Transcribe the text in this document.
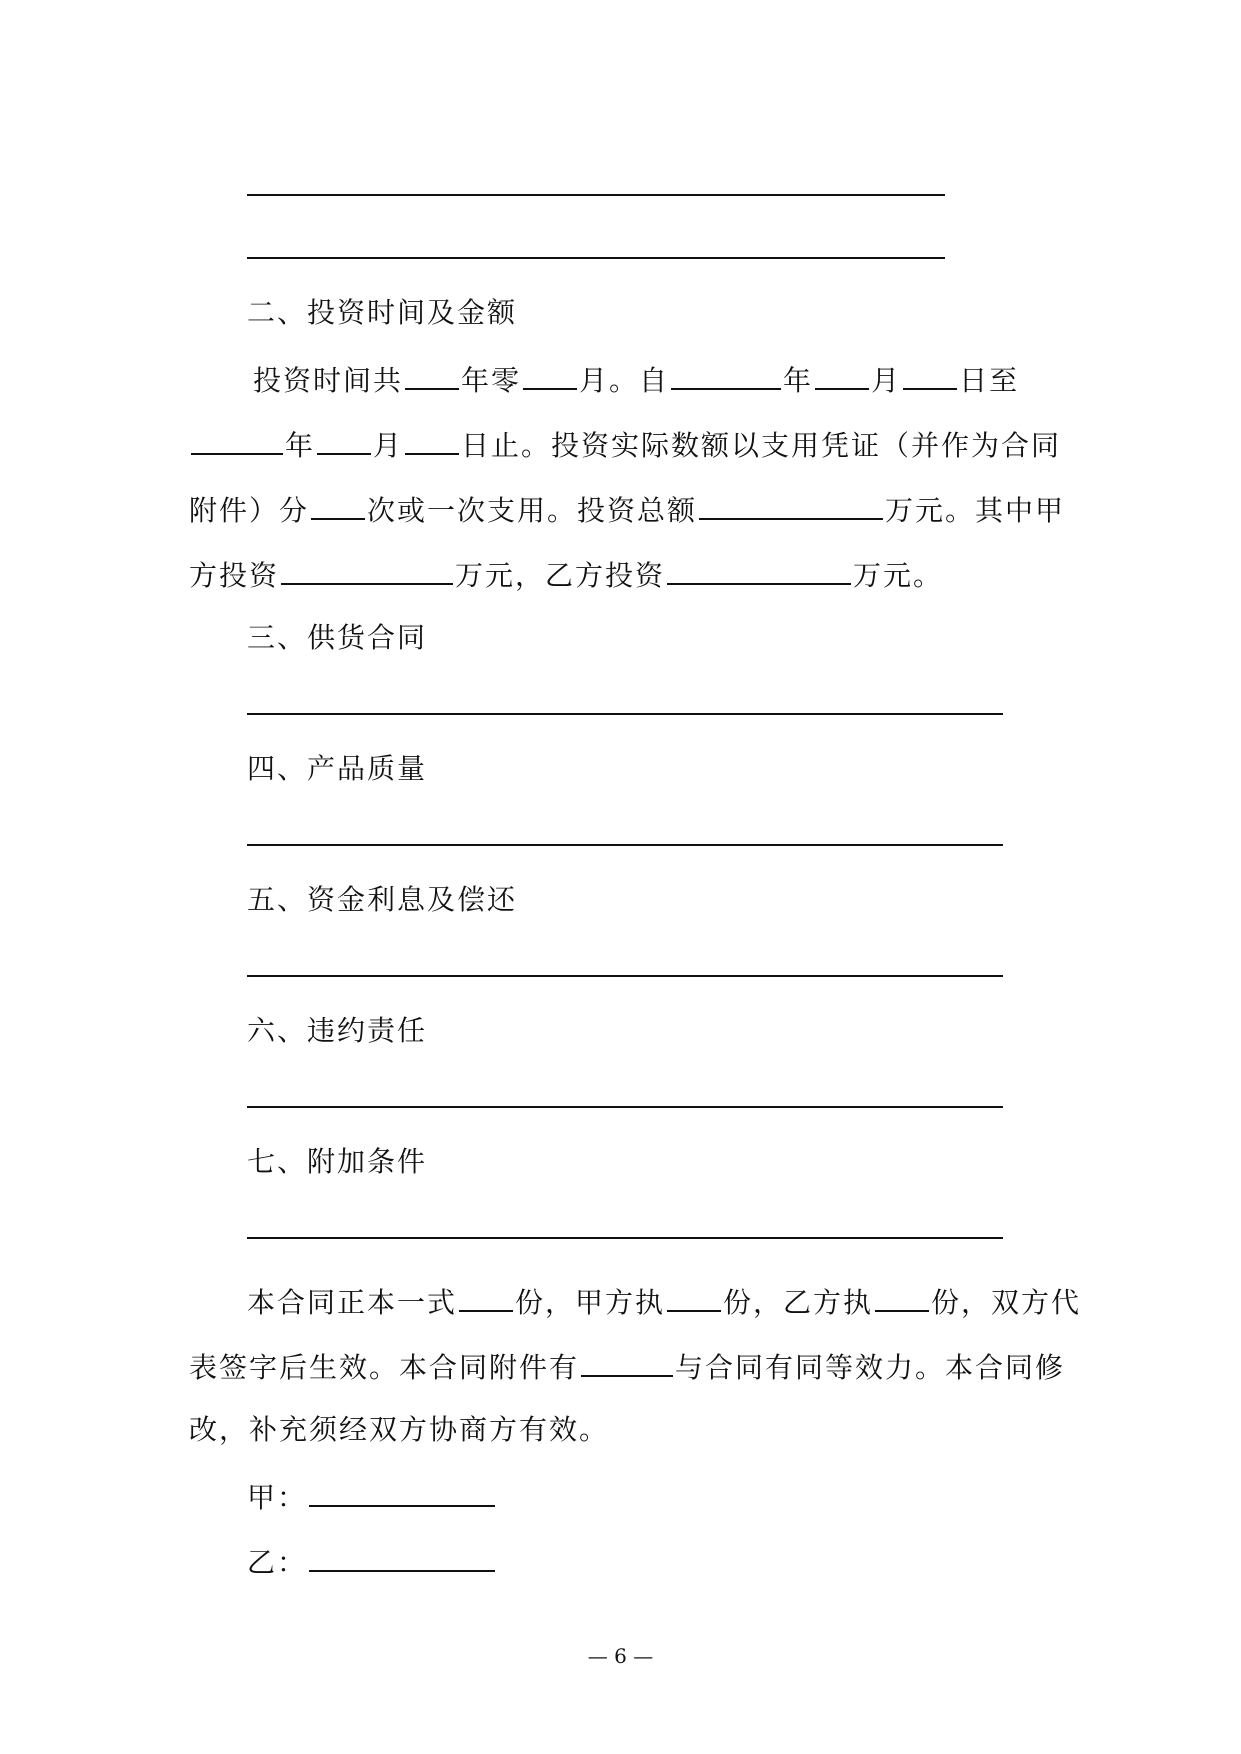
二、投资时间及金额
投资时间共 年零 月。自	年 月 日至
年 月 日止。投资实际数额以支用凭证（并作为合同
附件）分 次或一次支用。投资总额	万元。其中甲
方投资	万元，乙方投资	万元。
三、供货合同
四、产品质量
五、资金利息及偿还
六、违约责任
七、附加条件
本合同正本一式 份，甲方执 份，乙方执 份，双方代
表签字后生效。本合同附件有	与合同有同等效力。本合同修
改，补充须经双方协商方有效。
甲：
乙：
— 6 —
